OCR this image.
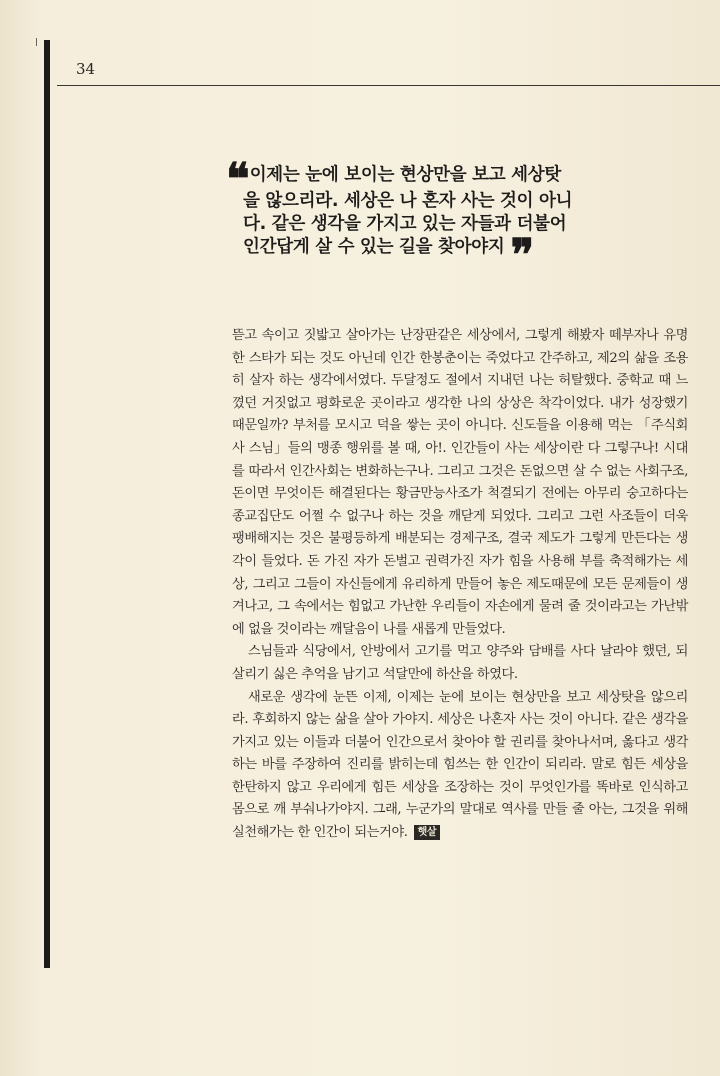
34
❝ 이제는 눈에 보이는 현상만을 보고 세상탓
을 않으리라. 세상은 나 혼자 사는 것이 아니
다. 같은 생각을 가지고 있는 자들과 더불어
인간답게 살 수 있는 길을 찾아야지 ❞

뜯고 속이고 짓밟고 살아가는 난장판같은 세상에서, 그렇게 해봤자 떼부자나 유명한 스타가 되는 것도 아닌데 인간 한봉춘이는 죽었다고 간주하고, 제2의 삶을 조용히 살자 하는 생각에서였다. 두달정도 절에서 지내던 나는 허탈했다. 중학교 때 느꼈던 거짓없고 평화로운 곳이라고 생각한 나의 상상은 착각이었다. 내가 성장했기 때문일까? 부처를 모시고 덕을 쌓는 곳이 아니다. 신도들을 이용해 먹는 「주식회사 스님」들의 맹종 행위를 볼 때, 아!. 인간들이 사는 세상이란 다 그렇구나! 시대를 따라서 인간사회는 변화하는구나. 그리고 그것은 돈없으면 살 수 없는 사회구조, 돈이면 무엇이든 해결된다는 황금만능사조가 척결되기 전에는 아무리 숭고하다는 종교집단도 어쩔 수 없구나 하는 것을 깨닫게 되었다. 그리고 그런 사조들이 더욱 팽배해지는 것은 불평등하게 배분되는 경제구조, 결국 제도가 그렇게 만든다는 생각이 들었다. 돈 가진 자가 돈벌고 권력가진 자가 힘을 사용해 부를 축적해가는 세상, 그리고 그들이 자신들에게 유리하게 만들어 놓은 제도때문에 모든 문제들이 생겨나고, 그 속에서는 힘없고 가난한 우리들이 자손에게 물려 줄 것이라고는 가난밖에 없을 것이라는 깨달음이 나를 새롭게 만들었다.

스님들과 식당에서, 안방에서 고기를 먹고 양주와 담배를 사다 날라야 했던, 되살리기 싫은 추억을 남기고 석달만에 하산을 하였다.

새로운 생각에 눈뜬 이제, 이제는 눈에 보이는 현상만을 보고 세상탓을 않으리라. 후회하지 않는 삶을 살아 가야지. 세상은 나혼자 사는 것이 아니다. 같은 생각을 가지고 있는 이들과 더불어 인간으로서 찾아야 할 권리를 찾아나서며, 옳다고 생각하는 바를 주장하여 진리를 밝히는데 힘쓰는 한 인간이 되리라. 말로 힘든 세상을 한탄하지 않고 우리에게 힘든 세상을 조장하는 것이 무엇인가를 똑바로 인식하고 몸으로 깨 부숴나가야지. 그래, 누군가의 말대로 역사를 만들 줄 아는, 그것을 위해 실천해가는 한 인간이 되는거야. 햇살
